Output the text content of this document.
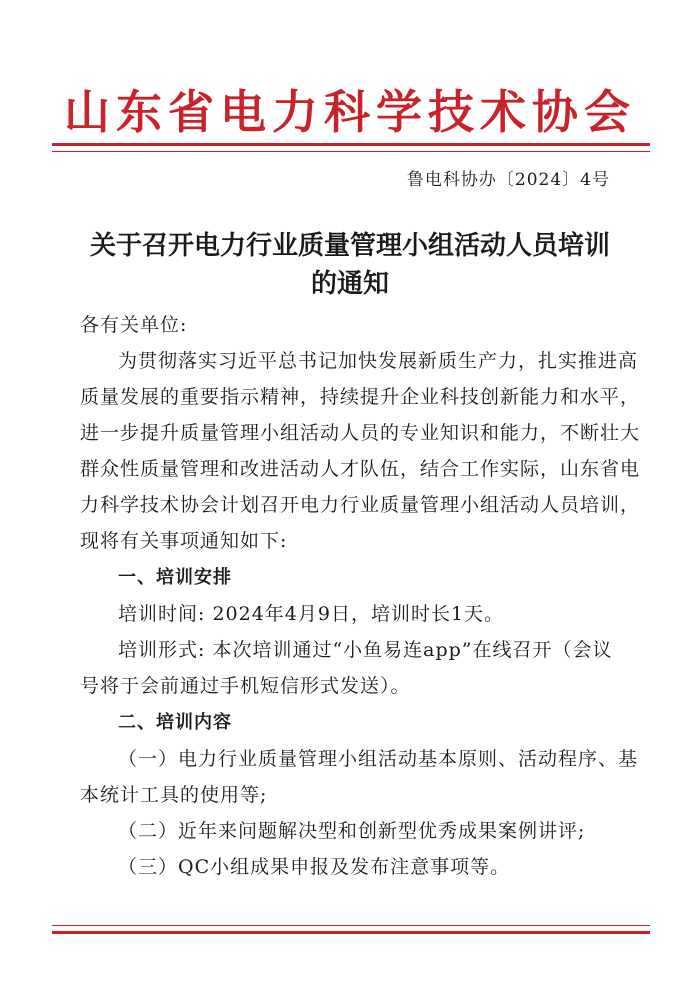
山东省电力科学技术协会
鲁电科协办〔2024〕4号
关于召开电力行业质量管理小组活动人员培训
的通知
各有关单位:
为贯彻落实习近平总书记加快发展新质生产力，扎实推进高
质量发展的重要指示精神，持续提升企业科技创新能力和水平，
进一步提升质量管理小组活动人员的专业知识和能力，不断壮大
群众性质量管理和改进活动人才队伍，结合工作实际，山东省电
力科学技术协会计划召开电力行业质量管理小组活动人员培训，
现将有关事项通知如下:
一、培训安排
培训时间: 2024年4月9日，培训时长1天。
培训形式: 本次培训通过“小鱼易连app”在线召开（会议
号将于会前通过手机短信形式发送）。
二、培训内容
（一）电力行业质量管理小组活动基本原则、活动程序、基
本统计工具的使用等;
（二）近年来问题解决型和创新型优秀成果案例讲评;
（三）QC小组成果申报及发布注意事项等。
